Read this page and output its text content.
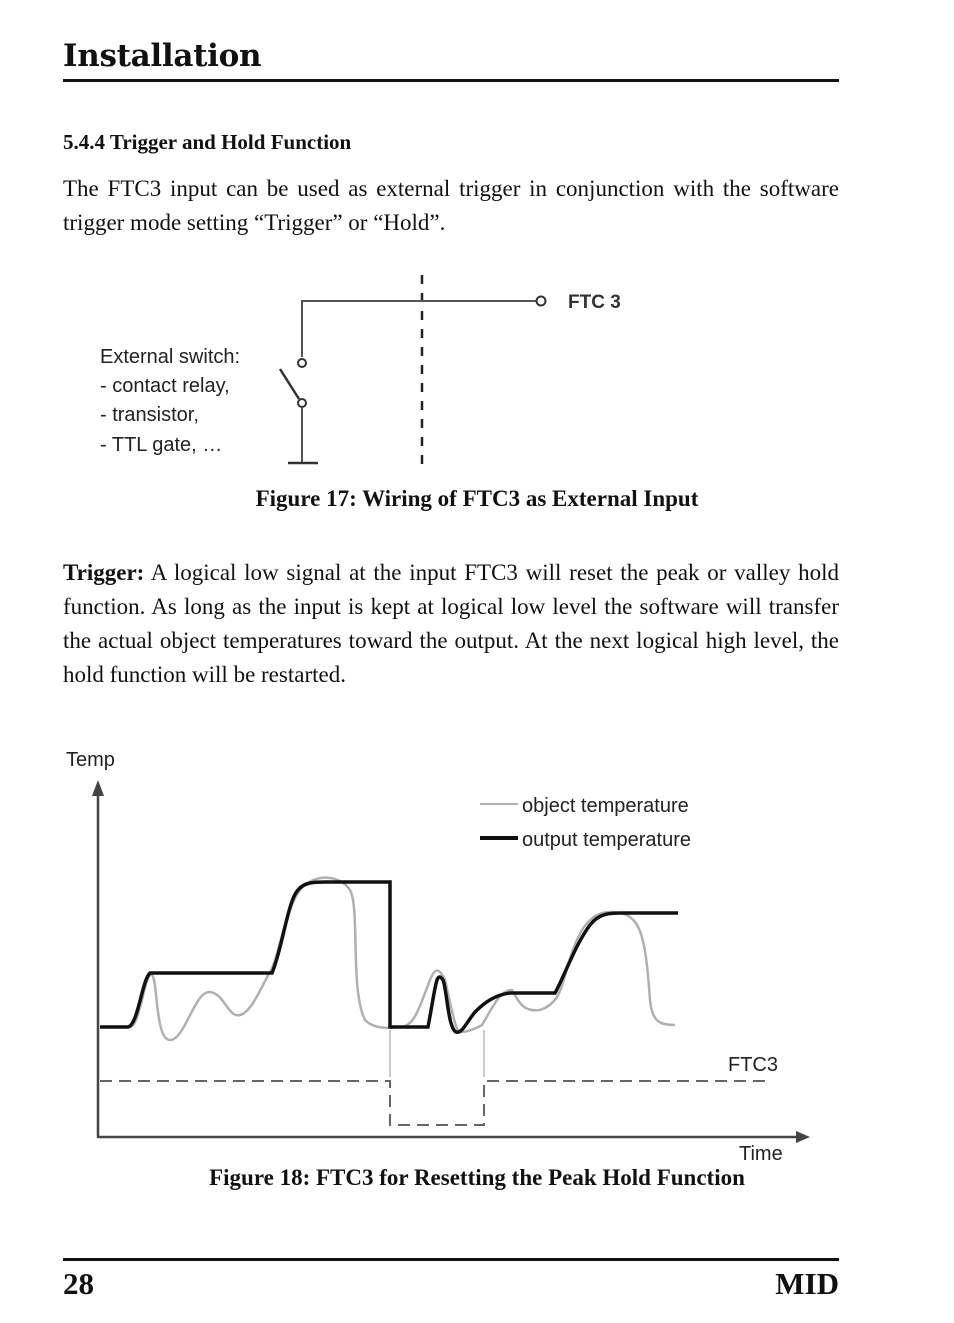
Installation
5.4.4 Trigger and Hold Function

The FTC3 input can be used as external trigger in conjunction with the software trigger mode setting “Trigger” or “Hold”.

FTC 3
External switch:
- contact relay,
- transistor,
- TTL gate, …

Figure 17: Wiring of FTC3 as External Input

Trigger: A logical low signal at the input FTC3 will reset the peak or valley hold function. As long as the input is kept at logical low level the software will transfer the actual object temperatures toward the output. At the next logical high level, the hold function will be restarted.

Temp
Time
object temperature
output temperature
FTC3

Figure 18: FTC3 for Resetting the Peak Hold Function

28	MID
